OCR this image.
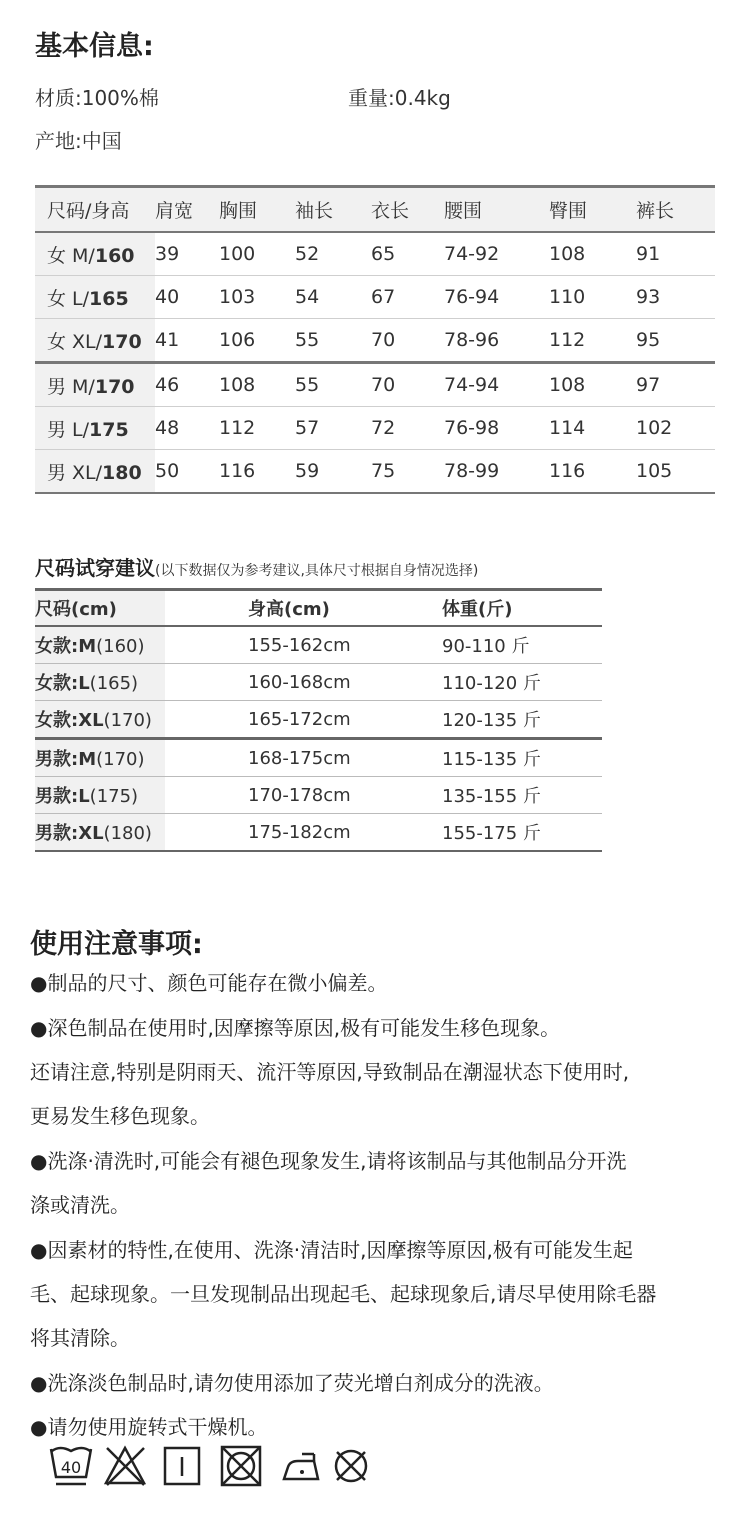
基本信息:
材质:100%棉	重量:0.4kg
产地:中国
尺码/身高	肩宽	胸围	袖长	衣长	腰围	臀围	裤长
女 M/160	39	100	52	65	74-92	108	91
女 L/165	40	103	54	67	76-94	110	93
女 XL/170	41	106	55	70	78-96	112	95
男 M/170	46	108	55	70	74-94	108	97
男 L/175	48	112	57	72	76-98	114	102
男 XL/180	50	116	59	75	78-99	116	105
尺码试穿建议(以下数据仅为参考建议,具体尺寸根据自身情况选择)
尺码(cm)	身高(cm)	体重(斤)
女款:M(160)	155-162cm	90-110 斤
女款:L(165)	160-168cm	110-120 斤
女款:XL(170)	165-172cm	120-135 斤
男款:M(170)	168-175cm	115-135 斤
男款:L(175)	170-178cm	135-155 斤
男款:XL(180)	175-182cm	155-175 斤
使用注意事项:
●制品的尺寸、颜色可能存在微小偏差。
●深色制品在使用时,因摩擦等原因,极有可能发生移色现象。
还请注意,特别是阴雨天、流汗等原因,导致制品在潮湿状态下使用时,
更易发生移色现象。
●洗涤·清洗时,可能会有褪色现象发生,请将该制品与其他制品分开洗
涤或清洗。
●因素材的特性,在使用、洗涤·清洁时,因摩擦等原因,极有可能发生起
毛、起球现象。一旦发现制品出现起毛、起球现象后,请尽早使用除毛器
将其清除。
●洗涤淡色制品时,请勿使用添加了荧光增白剂成分的洗液。
●请勿使用旋转式干燥机。
40
